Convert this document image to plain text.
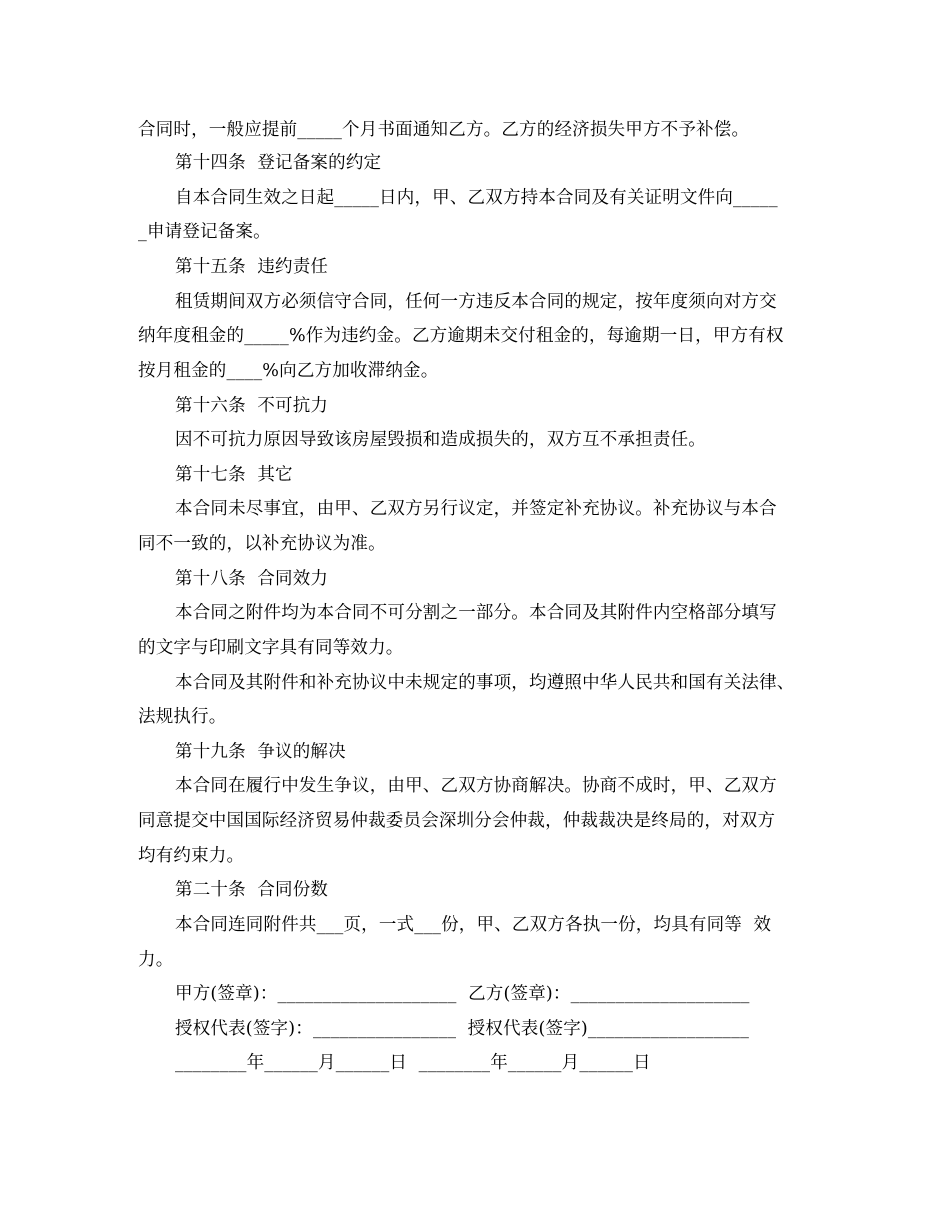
合同时，一般应提前_____个月书面通知乙方。乙方的经济损失甲方不予补偿。
第十四条  登记备案的约定
自本合同生效之日起_____日内，甲、乙双方持本合同及有关证明文件向_____
_申请登记备案。
第十五条  违约责任
租赁期间双方必须信守合同，任何一方违反本合同的规定，按年度须向对方交
纳年度租金的_____%作为违约金。乙方逾期未交付租金的，每逾期一日，甲方有权
按月租金的____%向乙方加收滞纳金。
第十六条  不可抗力
因不可抗力原因导致该房屋毁损和造成损失的，双方互不承担责任。
第十七条  其它
本合同未尽事宜，由甲、乙双方另行议定，并签定补充协议。补充协议与本合
同不一致的，以补充协议为准。
第十八条  合同效力
本合同之附件均为本合同不可分割之一部分。本合同及其附件内空格部分填写
的文字与印刷文字具有同等效力。
本合同及其附件和补充协议中未规定的事项，均遵照中华人民共和国有关法律、
法规执行。
第十九条  争议的解决
本合同在履行中发生争议，由甲、乙双方协商解决。协商不成时，甲、乙双方
同意提交中国国际经济贸易仲裁委员会深圳分会仲裁，仲裁裁决是终局的，对双方
均有约束力。
第二十条  合同份数
本合同连同附件共___页，一式___份，甲、乙双方各执一份，均具有同等  效
力。
甲方(签章)：____________________  乙方(签章)：____________________
授权代表(签字)：________________  授权代表(签字)__________________
________年______月______日  ________年______月______日
